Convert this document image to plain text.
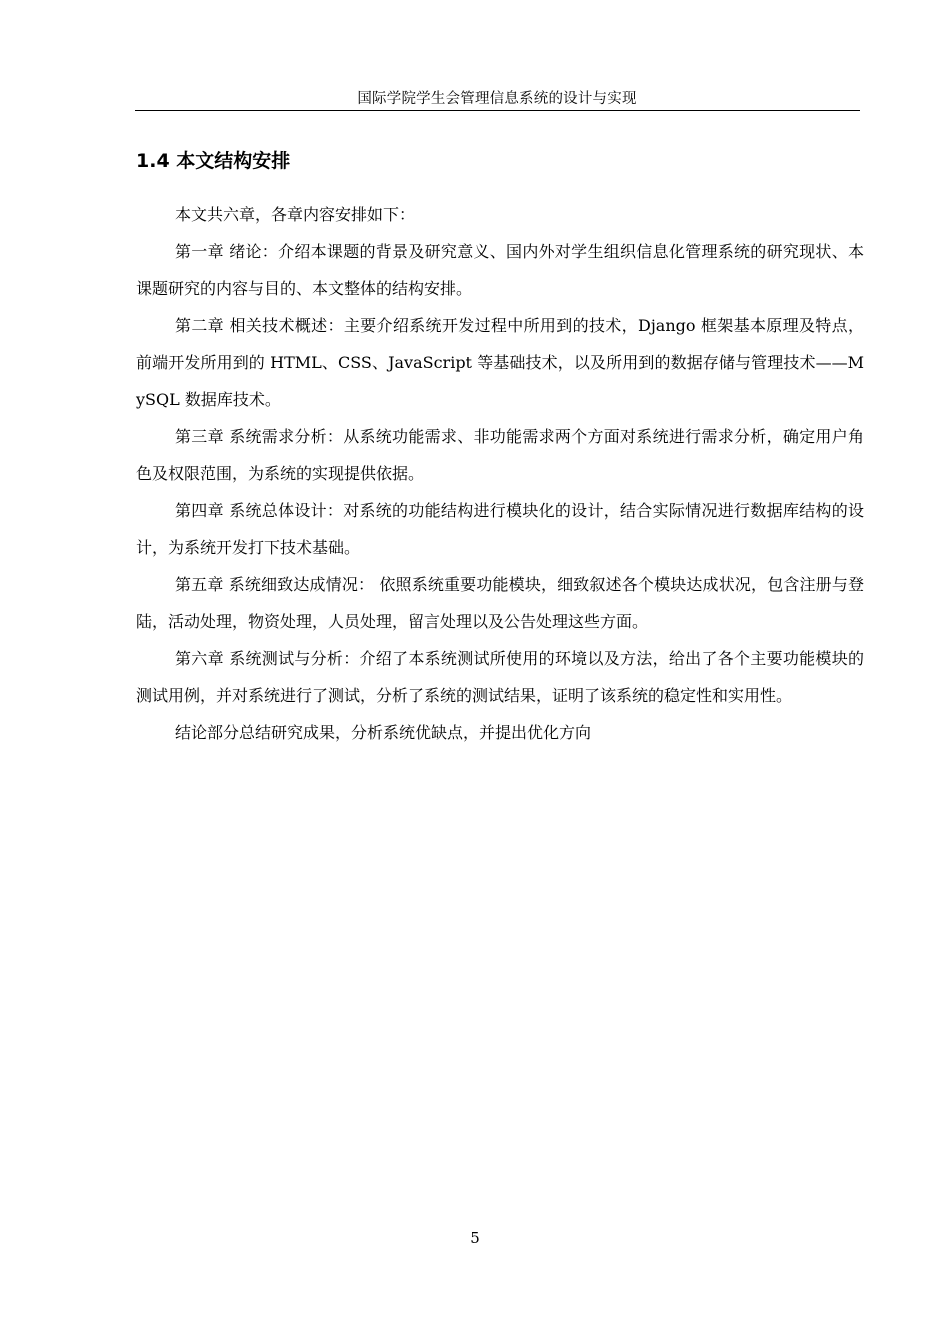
国际学院学生会管理信息系统的设计与实现
1.4 本文结构安排

本文共六章，各章内容安排如下：

第一章 绪论：介绍本课题的背景及研究意义、国内外对学生组织信息化管理系统的研究现状、本课题研究的内容与目的、本文整体的结构安排。

第二章 相关技术概述：主要介绍系统开发过程中所用到的技术，Django 框架基本原理及特点，前端开发所用到的 HTML、CSS、JavaScript 等基础技术，以及所用到的数据存储与管理技术——MySQL 数据库技术。

第三章 系统需求分析：从系统功能需求、非功能需求两个方面对系统进行需求分析，确定用户角色及权限范围，为系统的实现提供依据。

第四章 系统总体设计：对系统的功能结构进行模块化的设计，结合实际情况进行数据库结构的设计，为系统开发打下技术基础。

第五章 系统细致达成情况： 依照系统重要功能模块，细致叙述各个模块达成状况，包含注册与登陆，活动处理，物资处理，人员处理，留言处理以及公告处理这些方面。

第六章 系统测试与分析：介绍了本系统测试所使用的环境以及方法，给出了各个主要功能模块的测试用例，并对系统进行了测试，分析了系统的测试结果，证明了该系统的稳定性和实用性。

结论部分总结研究成果，分析系统优缺点，并提出优化方向

5
